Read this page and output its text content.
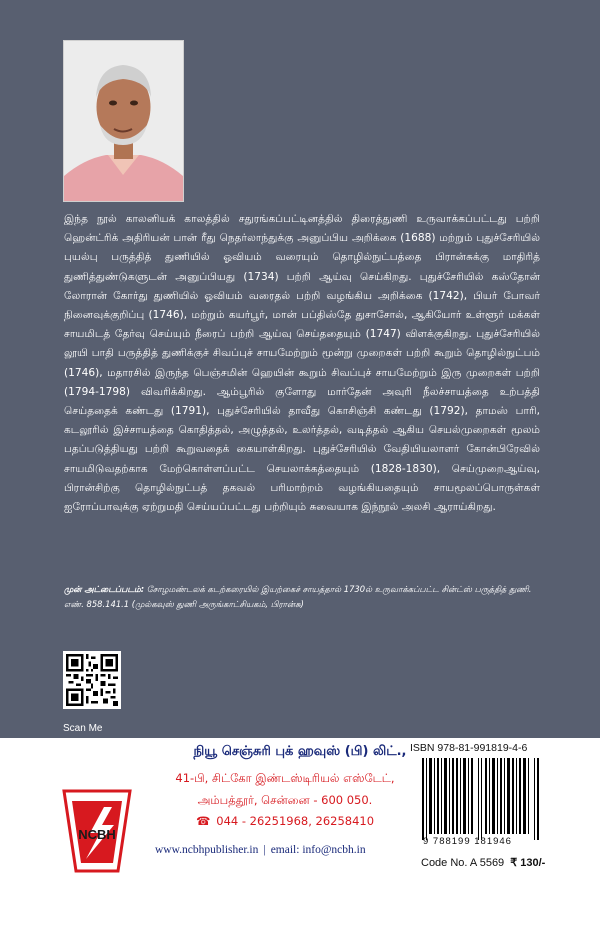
இந்த நூல் காலனியக் காலத்தில் சதுரங்கப்பட்டினத்தில் திரைத்துணி உருவாக்கப்பட்டது பற்றி ஹென்ட்ரிக் அதிரியன் பான் ரீது நெதர்லாந்துக்கு அனுப்பிய அறிக்கை (1688) மற்றும் புதுச்சேரியில் புயல்பு பருத்தித் துணியில் ஓவியம் வரையும் தொழில்நுட்பத்தை பிரான்சுக்கு மாதிரித் துணித்துண்டுகளுடன் அனுப்பியது (1734) பற்றி ஆய்வு செய்கிறது. புதுச்சேரியில் கஸ்தோன் லோரான் கோர்து துணியில் ஓவியம் வரைதல் பற்றி வழங்கிய அறிக்கை (1742), பியர் போவர் நினைவுக்குறிப்பு (1746), மற்றும் கயர்பூர், மான் பப்திஸ்தே துசாசோல், ஆகியோர் உள்ளூர் மக்கள் சாயமிடத் தேர்வு செய்யும் நீரைப் பற்றி ஆய்வு செய்ததையும் (1747) விளக்குகிறது. புதுச்சேரியில் லூயி பாதி பருத்தித் துணிக்குச் சிவப்புச் சாயமேற்றும் மூன்று முறைகள் பற்றி கூறும் தொழில்நுட்பம் (1746), மதாரசில் இருந்த பெஞ்சமின் ஹெயின் கூறும் சிவப்புச் சாயமேற்றும் இரு முறைகள் பற்றி (1794-1798) விவரிக்கிறது. ஆம்பூரில் குளோது மார்தேன் அவுரி நீலச்சாயத்தை உற்பத்தி செய்ததைக் கண்டது (1791), புதுச்சேரியில் தாவீது கொசிஞ்சி கண்டது (1792), தாமஸ் பாரி, கடலூரில் இச்சாயத்தை கொதித்தல், அழுத்தல், உலர்த்தல், வடித்தல் ஆகிய செயல்முறைகள் மூலம் பதப்படுத்தியது பற்றி கூறுவதைக் கையாள்கிறது. புதுச்சேரியில் வேதியியலாளர் கோன்பிரேவில் சாயமிடுவதற்காக மேற்கொள்ளப்பட்ட செயலாக்கத்தையும் (1828-1830), செய்முறைஆய்வு, பிரான்சிற்கு தொழில்நுட்பத் தகவல் பரிமாற்றம் வழங்கியதையும் சாயமூலப்பொருள்கள் ஐரோப்பாவுக்கு ஏற்றுமதி செய்யப்பட்டது பற்றியும் சுவையாக இந்நூல் அலசி ஆராய்கிறது.

முன் அட்டைப்படம்: சோழமண்டலக் கடற்கரையில் இயற்கைச் சாயத்தால் 1730ல் உருவாக்கப்பட்ட சின்ட்ஸ் பருத்தித் துணி. எண். 858.141.1 (முல்கவுஸ் துணி அருங்காட்சியகம், பிரான்சு)

Scan Me
நியூ செஞ்சுரி புக் ஹவுஸ் (பி) லிட்.,
NCBH
41-பி, சிட்கோ இண்டஸ்டிரியல் எஸ்டேட்,
அம்பத்தூர், சென்னை - 600 050.
☎ 044 - 26251968, 26258410
www.ncbhpublisher.in | email: info@ncbh.in
ISBN 978-81-991819-4-6
9 788199 181946
Code No. A 5569 ₹ 130/-
